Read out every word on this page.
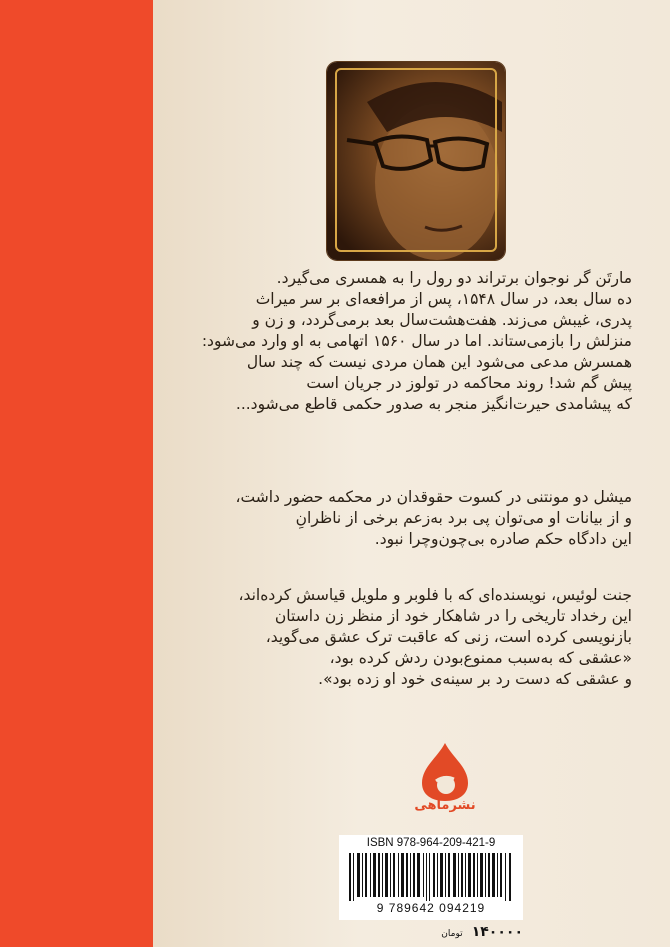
مارتَن گر نوجوان برتراند دو رول را به همسری می‌گیرد.
ده سال بعد، در سال ۱۵۴۸، پس از مرافعه‌ای بر سر میراث
پدری، غیبش می‌زند. هفت‌هشت‌سال بعد برمی‌گردد، و زن و
منزلش را بازمی‌ستاند. اما در سال ۱۵۶۰ اتهامی به او وارد می‌شود:
همسرش مدعی می‌شود این همان مردی نیست که چند سال
پیش گم شد! روند محاکمه در تولوز در جریان است
که پیشامدی حیرت‌انگیز منجر به صدور حکمی قاطع می‌شود...
میشل دو مونتنی در کسوت حقوقدان در محکمه حضور داشت،
و از بیانات او می‌توان پی برد به‌زعم برخی از ناظرانِ
این دادگاه حکم صادره بی‌چون‌وچرا نبود.
جنت لوئیس، نویسنده‌ای که با فلوبر و ملویل قیاسش کرده‌اند،
این رخداد تاریخی را در شاهکار خود از منظر زن داستان
بازنویسی کرده است، زنی که عاقبت ترک عشق می‌گوید،
«عشقی که به‌سبب ممنوع‌بودن ردش کرده بود،
و عشقی که دست رد بر سینه‌ی خود او زده بود».
نشرماهی
ISBN 978-964-209-421-9
9 789642 094219
۱۴۰۰۰۰ تومان
